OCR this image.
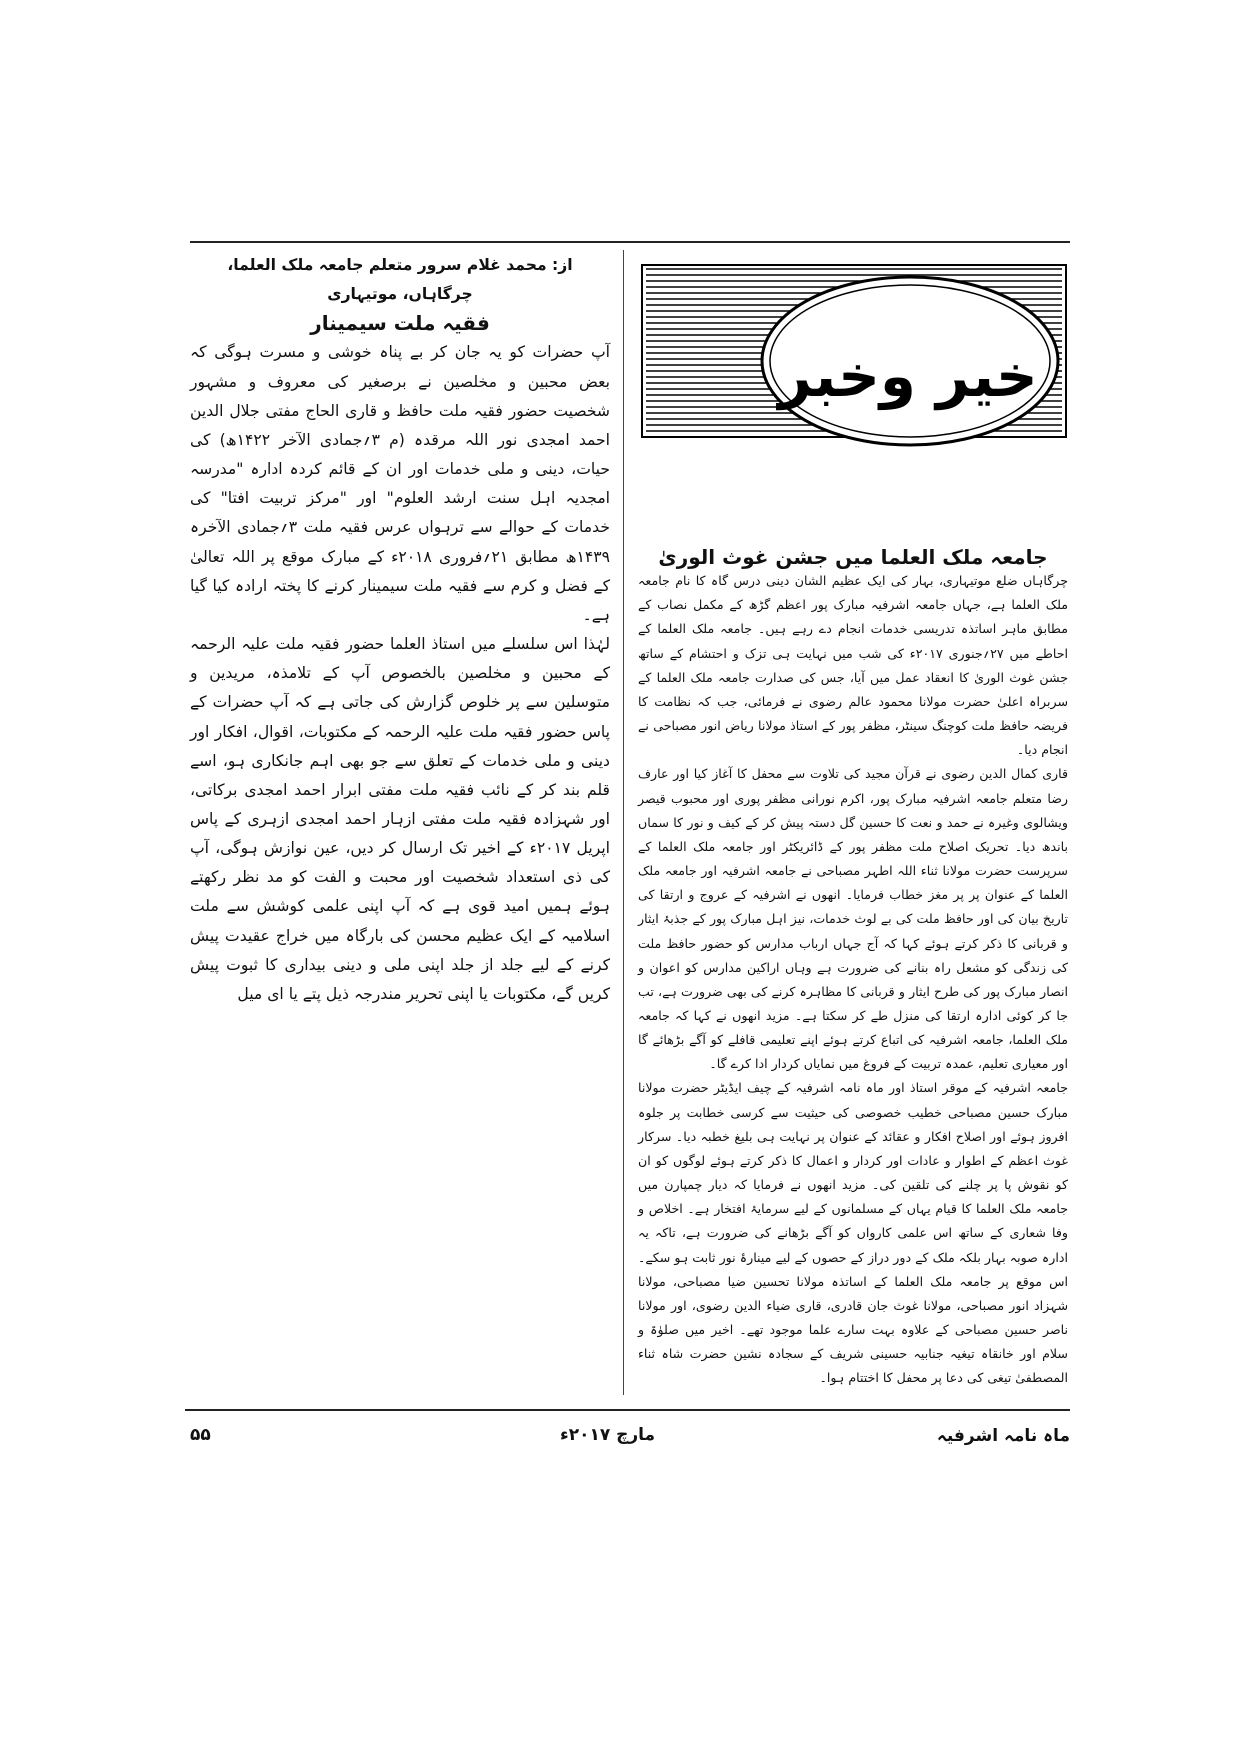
خیر وخبر

جامعہ ملک العلما میں جشن غوث الوریٰ

چرگاہاں ضلع موتیہاری، بہار کی ایک عظیم الشان دینی درس گاہ کا نام جامعہ ملک العلما ہے، جہاں جامعہ اشرفیہ مبارک پور اعظم گڑھ کے مکمل نصاب کے مطابق ماہر اساتذہ تدریسی خدمات انجام دے رہے ہیں۔ جامعہ ملک العلما کے احاطے میں ۲۷؍جنوری ۲۰۱۷ء کی شب میں نہایت ہی تزک و احتشام کے ساتھ جشن غوث الوریٰ کا انعقاد عمل میں آیا، جس کی صدارت جامعہ ملک العلما کے سربراہ اعلیٰ حضرت مولانا محمود عالم رضوی نے فرمائی، جب کہ نظامت کا فریضہ حافظ ملت کوچنگ سینٹر، مظفر پور کے استاذ مولانا ریاض انور مصباحی نے انجام دیا۔

قاری کمال الدین رضوی نے قرآن مجید کی تلاوت سے محفل کا آغاز کیا اور عارف رضا متعلم جامعہ اشرفیہ مبارک پور، اکرم نورانی مظفر پوری اور محبوب قیصر ویشالوی وغیرہ نے حمد و نعت کا حسین گل دستہ پیش کر کے کیف و نور کا سماں باندھ دیا۔ تحریک اصلاح ملت مظفر پور کے ڈائریکٹر اور جامعہ ملک العلما کے سرپرست حضرت مولانا ثناء اللہ اطہر مصباحی نے جامعہ اشرفیہ اور جامعہ ملک العلما کے عنوان پر پر مغز خطاب فرمایا۔ انھوں نے اشرفیہ کے عروج و ارتقا کی تاریخ بیان کی اور حافظ ملت کی بے لوث خدمات، نیز اہل مبارک پور کے جذبۂ ایثار و قربانی کا ذکر کرتے ہوئے کہا کہ آج جہاں ارباب مدارس کو حضور حافظ ملت کی زندگی کو مشعل راہ بنانے کی ضرورت ہے وہاں اراکین مدارس کو اعوان و انصار مبارک پور کی طرح ایثار و قربانی کا مظاہرہ کرنے کی بھی ضرورت ہے، تب جا کر کوئی ادارہ ارتقا کی منزل طے کر سکتا ہے۔ مزید انھوں نے کہا کہ جامعہ ملک العلما، جامعہ اشرفیہ کی اتباع کرتے ہوئے اپنے تعلیمی قافلے کو آگے بڑھائے گا اور معیاری تعلیم، عمدہ تربیت کے فروغ میں نمایاں کردار ادا کرے گا۔

جامعہ اشرفیہ کے موقر استاذ اور ماہ نامہ اشرفیہ کے چیف ایڈیٹر حضرت مولانا مبارک حسین مصباحی خطیب خصوصی کی حیثیت سے کرسی خطابت پر جلوہ افروز ہوئے اور اصلاح افکار و عقائد کے عنوان پر نہایت ہی بلیغ خطبہ دیا۔ سرکار غوث اعظم کے اطوار و عادات اور کردار و اعمال کا ذکر کرتے ہوئے لوگوں کو ان کو نقوش پا پر چلنے کی تلقین کی۔ مزید انھوں نے فرمایا کہ دیار چمپارن میں جامعہ ملک العلما کا قیام یہاں کے مسلمانوں کے لیے سرمایۂ افتخار ہے۔ اخلاص و وفا شعاری کے ساتھ اس علمی کارواں کو آگے بڑھانے کی ضرورت ہے، تاکہ یہ ادارہ صوبہ بہار بلکہ ملک کے دور دراز کے حصوں کے لیے مینارۂ نور ثابت ہو سکے۔ اس موقع پر جامعہ ملک العلما کے اساتذہ مولانا تحسین ضیا مصباحی، مولانا شہزاد انور مصباحی، مولانا غوث جان قادری، قاری ضیاء الدین رضوی، اور مولانا ناصر حسین مصباحی کے علاوہ بہت سارے علما موجود تھے۔ اخیر میں صلوٰۃ و سلام اور خانقاہ تیغیہ جنابیہ حسینی شریف کے سجادہ نشین حضرت شاہ ثناء المصطفیٰ تیغی کی دعا پر محفل کا اختتام ہوا۔

از: محمد غلام سرور متعلم جامعہ ملک العلما، چرگاہاں، موتیہاری

فقیہ ملت سیمینار

آپ حضرات کو یہ جان کر بے پناہ خوشی و مسرت ہوگی کہ بعض محبین و مخلصین نے برصغیر کی معروف و مشہور شخصیت حضور فقیہ ملت حافظ و قاری الحاج مفتی جلال الدین احمد امجدی نور اللہ مرقدہ (م ۳؍جمادی الآخر ۱۴۲۲ھ) کی حیات، دینی و ملی خدمات اور ان کے قائم کردہ ادارہ "مدرسہ امجدیہ اہل سنت ارشد العلوم" اور "مرکز تربیت افتا" کی خدمات کے حوالے سے ترہواں عرس فقیہ ملت ۳؍جمادی الآخرہ ۱۴۳۹ھ مطابق ۲۱؍فروری ۲۰۱۸ء کے مبارک موقع پر اللہ تعالیٰ کے فضل و کرم سے فقیہ ملت سیمینار کرنے کا پختہ ارادہ کیا گیا ہے۔

لہٰذا اس سلسلے میں استاذ العلما حضور فقیہ ملت علیہ الرحمہ کے محبین و مخلصین بالخصوص آپ کے تلامذہ، مریدین و متوسلین سے پر خلوص گزارش کی جاتی ہے کہ آپ حضرات کے پاس حضور فقیہ ملت علیہ الرحمہ کے مکتوبات، اقوال، افکار اور دینی و ملی خدمات کے تعلق سے جو بھی اہم جانکاری ہو، اسے قلم بند کر کے نائب فقیہ ملت مفتی ابرار احمد امجدی برکاتی، اور شہزادہ فقیہ ملت مفتی ازہار احمد امجدی ازہری کے پاس اپریل ۲۰۱۷ء کے اخیر تک ارسال کر دیں، عین نوازش ہوگی، آپ کی ذی استعداد شخصیت اور محبت و الفت کو مد نظر رکھتے ہوئے ہمیں امید قوی ہے کہ آپ اپنی علمی کوشش سے ملت اسلامیہ کے ایک عظیم محسن کی بارگاہ میں خراج عقیدت پیش کرنے کے لیے جلد از جلد اپنی ملی و دینی بیداری کا ثبوت پیش کریں گے، مکتوبات یا اپنی تحریر مندرجہ ذیل پتے یا ای میل

ماہ نامہ اشرفیہ
مارچ ۲۰۱۷ء
۵۵
